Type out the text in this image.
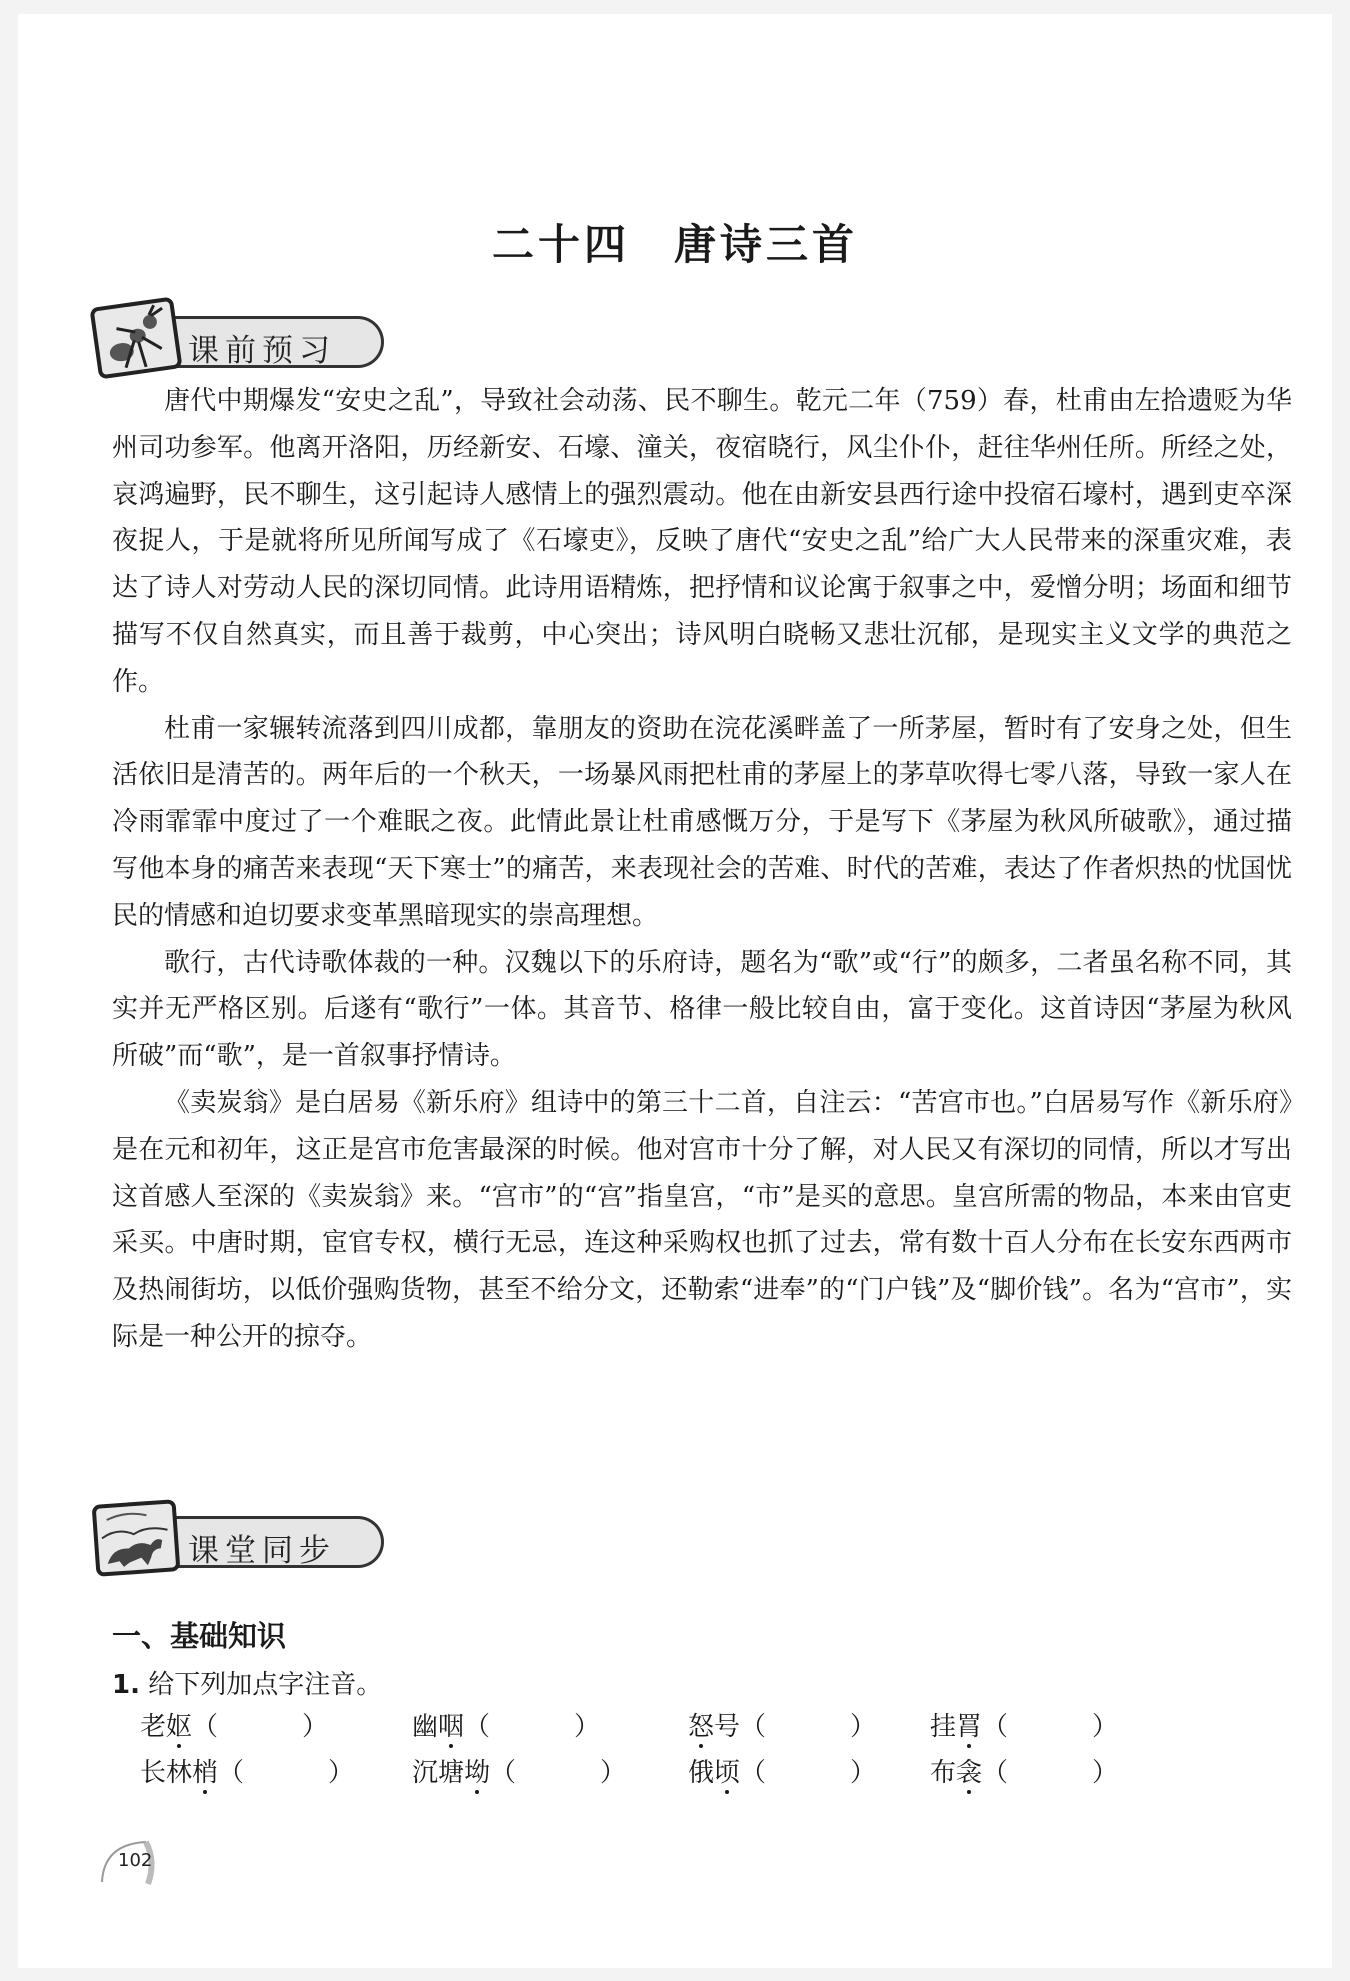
二十四 唐诗三首
课前预习

唐代中期爆发“安史之乱”，导致社会动荡、民不聊生。乾元二年（759）春，杜甫由左拾遗贬为华州司功参军。他离开洛阳，历经新安、石壕、潼关，夜宿晓行，风尘仆仆，赶往华州任所。所经之处，哀鸿遍野，民不聊生，这引起诗人感情上的强烈震动。他在由新安县西行途中投宿石壕村，遇到吏卒深夜捉人，于是就将所见所闻写成了《石壕吏》，反映了唐代“安史之乱”给广大人民带来的深重灾难，表达了诗人对劳动人民的深切同情。此诗用语精炼，把抒情和议论寓于叙事之中，爱憎分明；场面和细节描写不仅自然真实，而且善于裁剪，中心突出；诗风明白晓畅又悲壮沉郁，是现实主义文学的典范之作。

杜甫一家辗转流落到四川成都，靠朋友的资助在浣花溪畔盖了一所茅屋，暂时有了安身之处，但生活依旧是清苦的。两年后的一个秋天，一场暴风雨把杜甫的茅屋上的茅草吹得七零八落，导致一家人在冷雨霏霏中度过了一个难眠之夜。此情此景让杜甫感慨万分，于是写下《茅屋为秋风所破歌》，通过描写他本身的痛苦来表现“天下寒士”的痛苦，来表现社会的苦难、时代的苦难，表达了作者炽热的忧国忧民的情感和迫切要求变革黑暗现实的崇高理想。

歌行，古代诗歌体裁的一种。汉魏以下的乐府诗，题名为“歌”或“行”的颇多，二者虽名称不同，其实并无严格区别。后遂有“歌行”一体。其音节、格律一般比较自由，富于变化。这首诗因“茅屋为秋风所破”而“歌”，是一首叙事抒情诗。

《卖炭翁》是白居易《新乐府》组诗中的第三十二首，自注云：“苦宫市也。”白居易写作《新乐府》是在元和初年，这正是宫市危害最深的时候。他对宫市十分了解，对人民又有深切的同情，所以才写出这首感人至深的《卖炭翁》来。“宫市”的“宫”指皇宫，“市”是买的意思。皇宫所需的物品，本来由官吏采买。中唐时期，宦官专权，横行无忌，连这种采购权也抓了过去，常有数十百人分布在长安东西两市及热闹街坊，以低价强购货物，甚至不给分文，还勒索“进奉”的“门户钱”及“脚价钱”。名为“宫市”，实际是一种公开的掠夺。

课堂同步
一、基础知识
1. 给下列加点字注音。
老妪（	）	幽咽（	）	怒号（	） 挂罥（	）
长林梢（	） 沉塘坳（	） 俄顷（	） 布衾（	）
102
